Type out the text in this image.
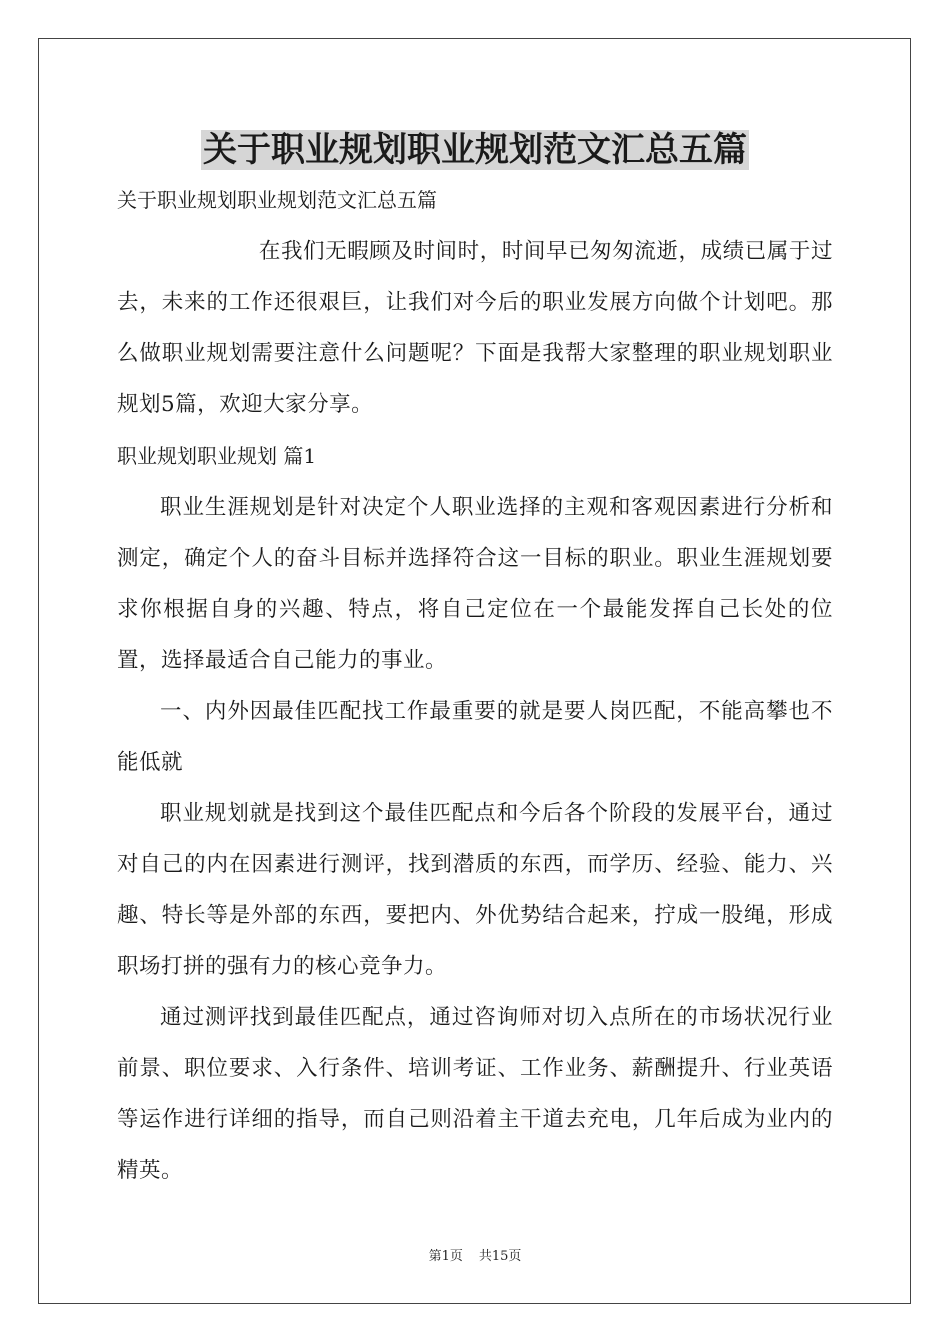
关于职业规划职业规划范文汇总五篇

关于职业规划职业规划范文汇总五篇

在我们无暇顾及时间时，时间早已匆匆流逝，成绩已属于过去，未来的工作还很艰巨，让我们对今后的职业发展方向做个计划吧。那么做职业规划需要注意什么问题呢？下面是我帮大家整理的职业规划职业规划5篇，欢迎大家分享。

职业规划职业规划 篇1

职业生涯规划是针对决定个人职业选择的主观和客观因素进行分析和测定，确定个人的奋斗目标并选择符合这一目标的职业。职业生涯规划要求你根据自身的兴趣、特点，将自己定位在一个最能发挥自己长处的位置，选择最适合自己能力的事业。

一、内外因最佳匹配找工作最重要的就是要人岗匹配，不能高攀也不能低就

职业规划就是找到这个最佳匹配点和今后各个阶段的发展平台，通过对自己的内在因素进行测评，找到潜质的东西，而学历、经验、能力、兴趣、特长等是外部的东西，要把内、外优势结合起来，拧成一股绳，形成职场打拼的强有力的核心竞争力。

通过测评找到最佳匹配点，通过咨询师对切入点所在的市场状况行业前景、职位要求、入行条件、培训考证、工作业务、薪酬提升、行业英语等运作进行详细的指导，而自己则沿着主干道去充电，几年后成为业内的精英。

第1页 共15页
